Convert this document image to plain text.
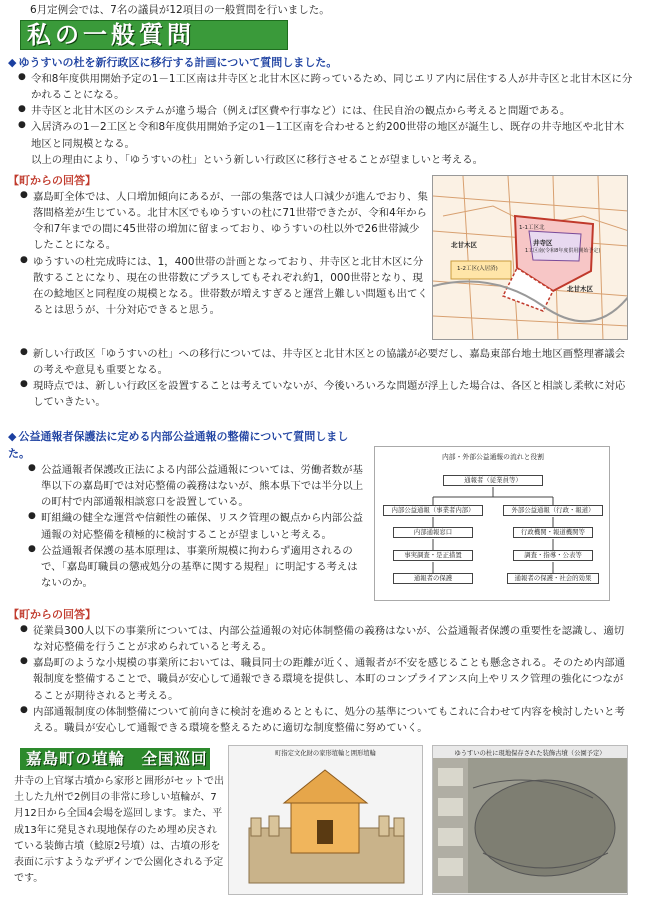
6月定例会では、7名の議員が12項目の一般質問を行いました。
私の一般質問
◆ ゆうすいの杜を新行政区に移行する計画について質問しました。
● 令和8年度供用開始予定の1－1工区南は井寺区と北甘木区に跨っているため、同じエリア内に居住する人が井寺区と北甘木区に分かれることになる。
● 井寺区と北甘木区のシステムが違う場合（例えば区費や行事など）には、住民自治の観点から考えると問題である。
● 入居済みの1－2工区と令和8年度供用開始予定の1－1工区南を合わせると約200世帯の地区が誕生し、既存の井寺地区や北甘木地区と同規模となる。
以上の理由により、「ゆうすいの杜」という新しい行政区に移行させることが望ましいと考える。
【町からの回答】
● 嘉島町全体では、人口増加傾向にあるが、一部の集落では人口減少が進んでおり、集落間格差が生じている。北甘木区でもゆうすいの杜に71世帯できたが、令和4年から令和7年までの間に45世帯の増加に留まっており、ゆうすいの杜以外で26世帯減少したことになる。
● ゆうすいの杜完成時には、1，400世帯の計画となっており、井寺区と北甘木区に分散することになり、現在の世帯数にプラスしてもそれぞれ約1，000世帯となり、現在の鯰地区と同程度の規模となる。世帯数が増えすぎると運営上難しい問題も出てくるとは思うが、十分対応できると思う。
● 新しい行政区「ゆうすいの杜」への移行については、井寺区と北甘木区との協議が必要だし、嘉島東部台地土地区画整理審議会の考えや意見も重要となる。
● 現時点では、新しい行政区を設置することは考えていないが、今後いろいろな問題が浮上した場合は、各区と相談し柔軟に対応していきたい。
北甘木区	井寺区
北甘木区
1工区南(令和8年度供用開始予定)
1-2工区(入居済)
1-1工区北
◆ 公益通報者保護法に定める内部公益通報の整備について質問しました。
● 公益通報者保護改正法による内部公益通報については、労働者数が基準以下の嘉島町では対応整備の義務はないが、熊本県下では半分以上の町村で内部通報相談窓口を設置している。
● 町組織の健全な運営や信頼性の確保、リスク管理の観点から内部公益通報の対応整備を積極的に検討することが望ましいと考える。
● 公益通報者保護の基本原理は、事業所規模に拘わらず適用されるので、「嘉島町職員の懲戒処分の基準に関する規程」に明記する考えはないのか。
内部・外部公益通報の流れと役割
通報者（従業員等）
内部公益通報（事業者内部）	外部公益通報（行政・報道）
内部通報窓口
事実調査・是正措置
通報者の保護
行政機関・報道機関等
調査・指導・公表等
通報者の保護・社会的効果
【町からの回答】
● 従業員300人以下の事業所については、内部公益通報の対応体制整備の義務はないが、公益通報者保護の重要性を認識し、適切な対応整備を行うことが求められていると考える。
● 嘉島町のような小規模の事業所においては、職員同士の距離が近く、通報者が不安を感じることも懸念される。そのため内部通報制度を整備することで、職員が安心して通報できる環境を提供し、本町のコンプライアンス向上やリスク管理の強化につながることが期待されると考える。
● 内部通報制度の体制整備について前向きに検討を進めるとともに、処分の基準についてもこれに合わせて内容を検討したいと考える。職員が安心して通報できる環境を整えるために適切な制度整備に努めていく。
嘉島町の埴輪　全国巡回
井寺の上官塚古墳から家形と囲形がセットで出土した九州で2例目の非常に珍しい埴輪が、7月12日から全国4会場を巡回します。また、平成13年に発見され現地保存のため埋め戻されている装飾古墳（鯰原2号墳）は、古墳の形を表面に示すようなデザインで公園化される予定です。
町指定文化財の家形埴輪と囲形埴輪	ゆうすいの杜に現地保存された装飾古墳（公園予定）
